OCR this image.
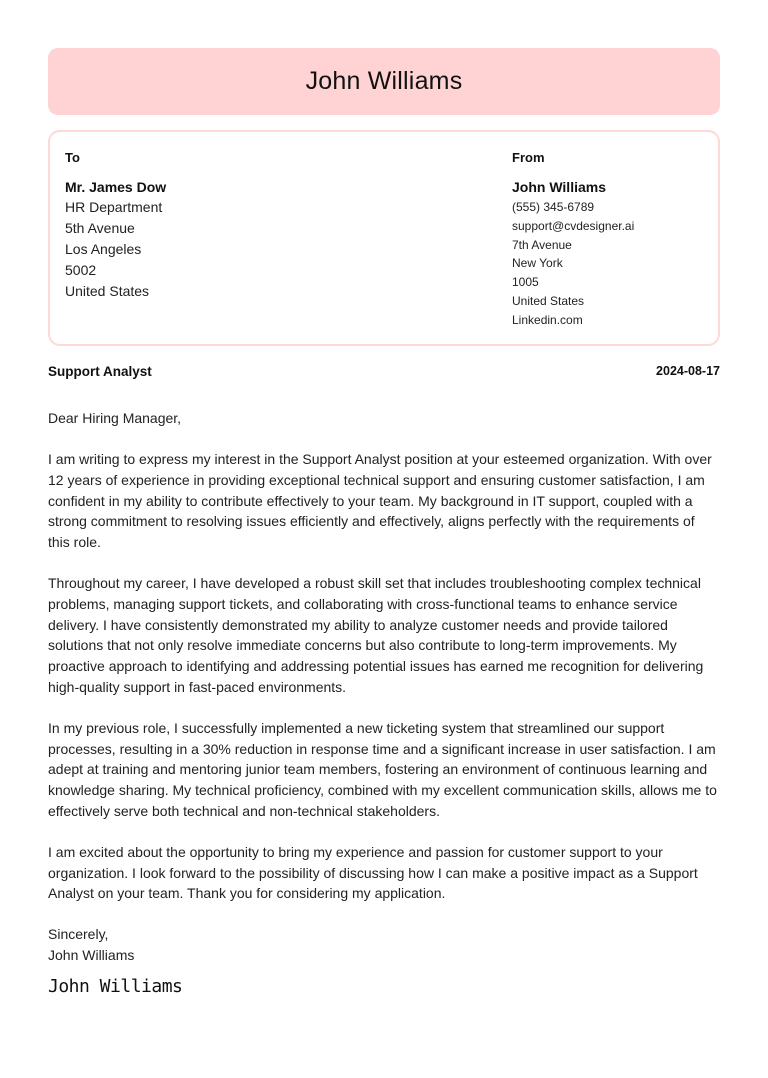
John Williams
To
Mr. James Dow
HR Department
5th Avenue
Los Angeles
5002
United States
From
John Williams
(555) 345-6789
support@cvdesigner.ai
7th Avenue
New York
1005
United States
Linkedin.com
Support Analyst	2024-08-17
Dear Hiring Manager,
I am writing to express my interest in the Support Analyst position at your esteemed organization. With over 12 years of experience in providing exceptional technical support and ensuring customer satisfaction, I am confident in my ability to contribute effectively to your team. My background in IT support, coupled with a strong commitment to resolving issues efficiently and effectively, aligns perfectly with the requirements of this role.
Throughout my career, I have developed a robust skill set that includes troubleshooting complex technical problems, managing support tickets, and collaborating with cross-functional teams to enhance service delivery. I have consistently demonstrated my ability to analyze customer needs and provide tailored solutions that not only resolve immediate concerns but also contribute to long-term improvements. My proactive approach to identifying and addressing potential issues has earned me recognition for delivering high-quality support in fast-paced environments.
In my previous role, I successfully implemented a new ticketing system that streamlined our support processes, resulting in a 30% reduction in response time and a significant increase in user satisfaction. I am adept at training and mentoring junior team members, fostering an environment of continuous learning and knowledge sharing. My technical proficiency, combined with my excellent communication skills, allows me to effectively serve both technical and non-technical stakeholders.
I am excited about the opportunity to bring my experience and passion for customer support to your organization. I look forward to the possibility of discussing how I can make a positive impact as a Support Analyst on your team. Thank you for considering my application.
Sincerely,
John Williams
John Williams
